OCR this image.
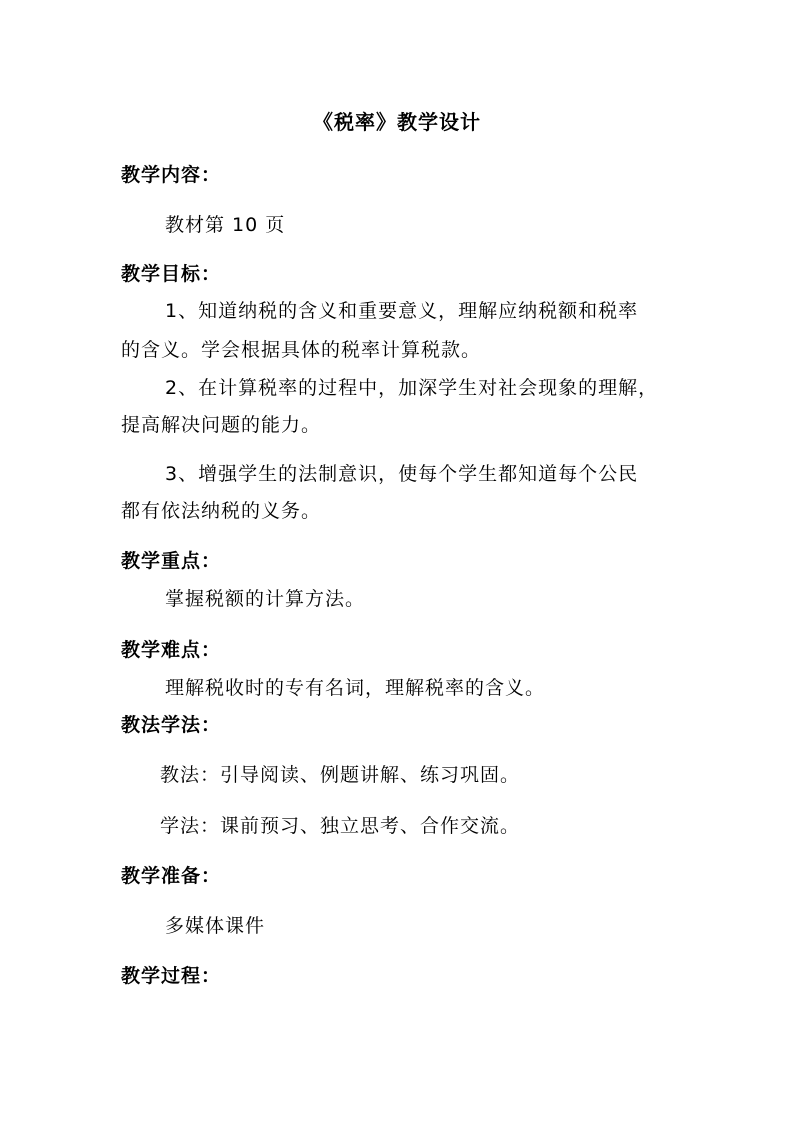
《税率》教学设计
教学内容：
教材第 10 页
教学目标：
1、知道纳税的含义和重要意义，理解应纳税额和税率
的含义。学会根据具体的税率计算税款。
2、在计算税率的过程中，加深学生对社会现象的理解，
提高解决问题的能力。
3、增强学生的法制意识，使每个学生都知道每个公民
都有依法纳税的义务。
教学重点：
掌握税额的计算方法。
教学难点：
理解税收时的专有名词，理解税率的含义。
教法学法：
教法：引导阅读、例题讲解、练习巩固。
学法：课前预习、独立思考、合作交流。
教学准备：
多媒体课件
教学过程：
